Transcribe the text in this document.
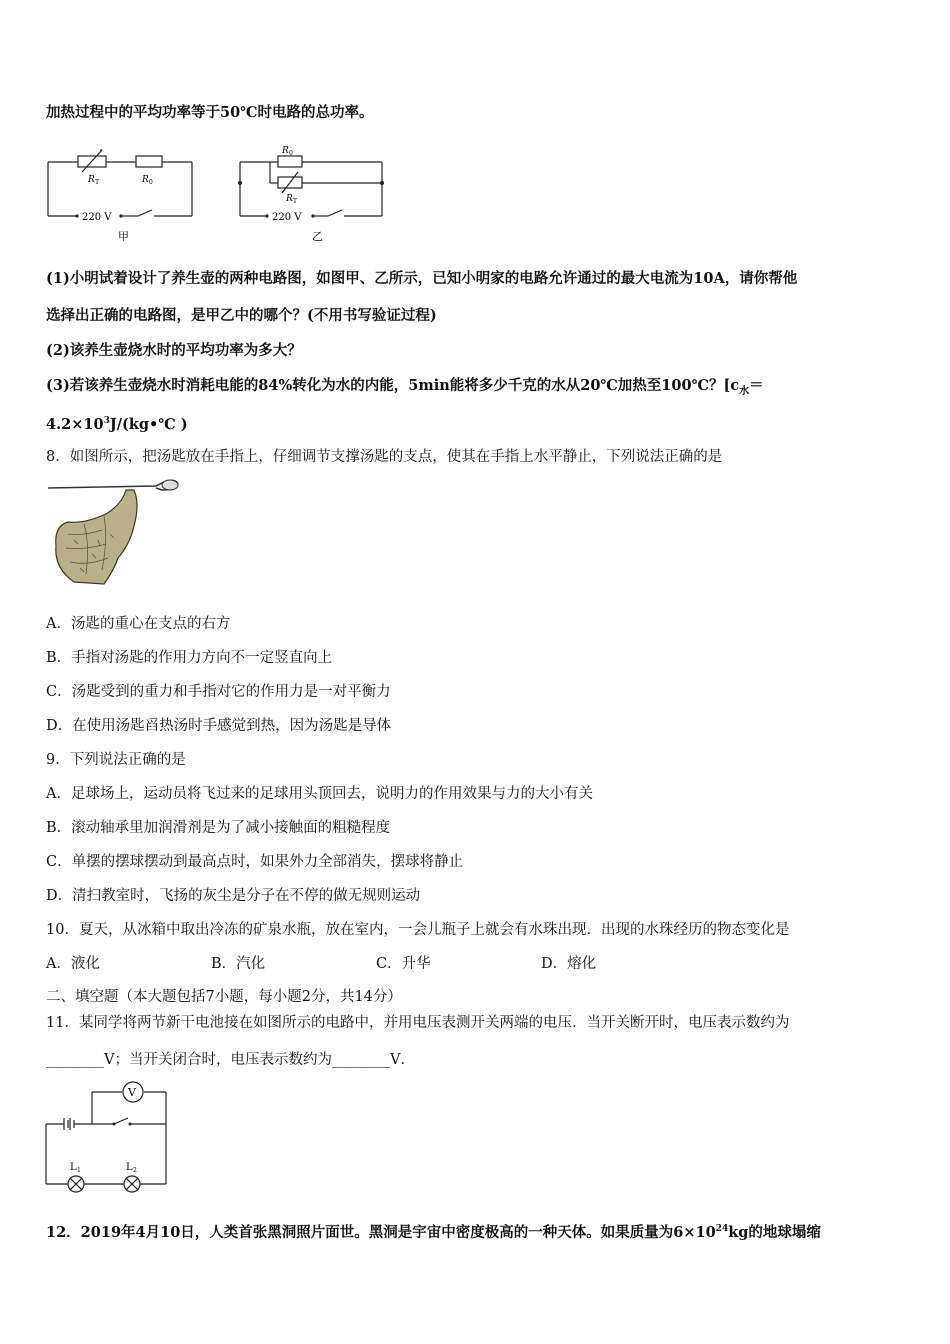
加热过程中的平均功率等于50℃时电路的总功率。
R T	R 0
220 V
甲
R 0
R T
220 V
乙
(1)小明试着设计了养生壶的两种电路图，如图甲、乙所示，已知小明家的电路允许通过的最大电流为10A，请你帮他
选择出正确的电路图，是甲乙中的哪个？(不用书写验证过程)
(2)该养生壶烧水时的平均功率为多大？
(3)若该养生壶烧水时消耗电能的84%转化为水的内能，5min能将多少千克的水从20℃加热至100℃？[$c_水=$
$4.2\times 10^3J/(kg•℃$ )
8．如图所示，把汤匙放在手指上，仔细调节支撑汤匙的支点，使其在手指上水平静止，下列说法正确的是
A．汤匙的重心在支点的右方
B．手指对汤匙的作用力方向不一定竖直向上
C．汤匙受到的重力和手指对它的作用力是一对平衡力
D．在使用汤匙舀热汤时手感觉到热，因为汤匙是导体
9．下列说法正确的是
A．足球场上，运动员将飞过来的足球用头顶回去，说明力的作用效果与力的大小有关
B．滚动轴承里加润滑剂是为了减小接触面的粗糙程度
C．单摆的摆球摆动到最高点时，如果外力全部消失，摆球将静止
D．清扫教室时，飞扬的灰尘是分子在不停的做无规则运动
10．夏天，从冰箱中取出冷冻的矿泉水瓶，放在室内，一会儿瓶子上就会有水珠出现．出现的水珠经历的物态变化是
A．液化	B．汽化	C．升华	D．熔化
二、填空题（本大题包括7小题，每小题2分，共14分）
11．某同学将两节新干电池接在如图所示的电路中，并用电压表测开关两端的电压．当开关断开时，电压表示数约为
________V；当开关闭合时，电压表示数约为________V．
V
L 1	L 2
12．2019年4月10日，人类首张黑洞照片面世。黑洞是宇宙中密度极高的一种天体。如果质量为$6\times 10^{24}kg$的地球塌缩
